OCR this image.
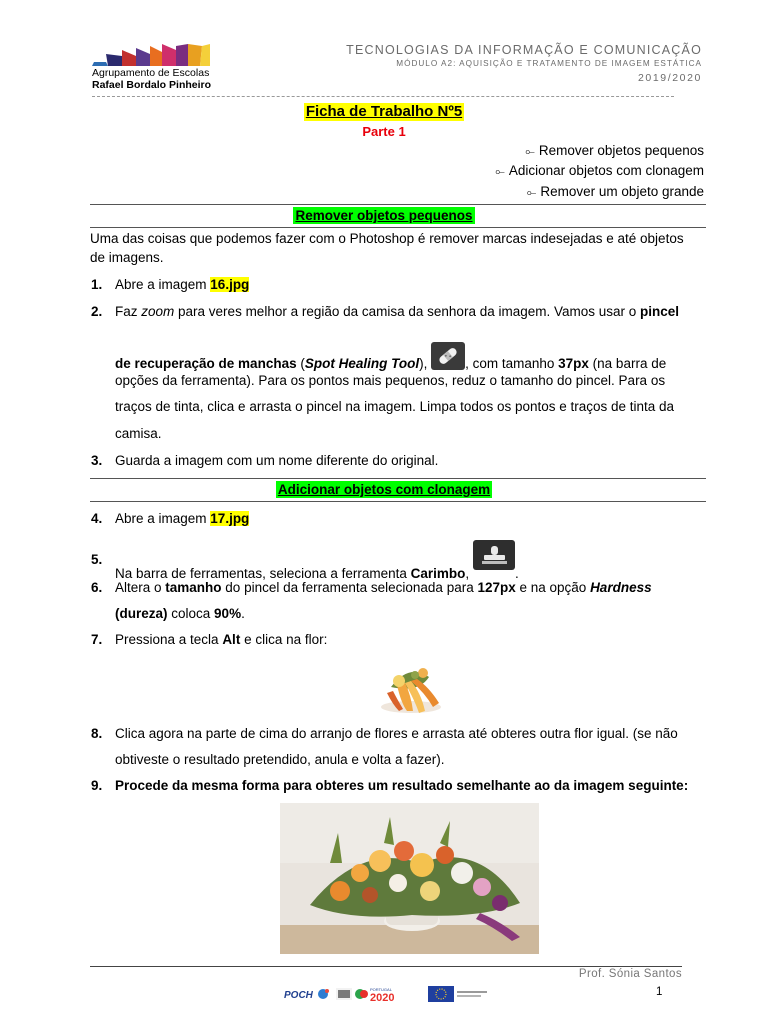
Agrupamento de Escolas
Rafael Bordalo Pinheiro
TECNOLOGIAS DA INFORMAÇÃO E COMUNICAÇÃO
MÓDULO A2: AQUISIÇÃO E TRATAMENTO DE IMAGEM ESTÁTICA
2019/2020
Ficha de Trabalho Nº5
Parte 1
⟜ Remover objetos pequenos
⟜ Adicionar objetos com clonagem
⟜ Remover um objeto grande
Remover objetos pequenos
Uma das coisas que podemos fazer com o Photoshop é remover marcas indesejadas e até objetos
de imagens.
1. Abre a imagem 16.jpg
2. Faz zoom para veres melhor a região da camisa da senhora da imagem. Vamos usar o pincel
de recuperação de manchas (Spot Healing Tool),	, com tamanho 37px (na barra de
opções da ferramenta). Para os pontos mais pequenos, reduz o tamanho do pincel. Para os
traços de tinta, clica e arrasta o pincel na imagem. Limpa todos os pontos e traços de tinta da
camisa.
3. Guarda a imagem com um nome diferente do original.
Adicionar objetos com clonagem
4. Abre a imagem 17.jpg
5.
Na barra de ferramentas, seleciona a ferramenta Carimbo,	.
6. Altera o tamanho do pincel da ferramenta selecionada para 127px e na opção Hardness
(dureza) coloca 90%.
7. Pressiona a tecla Alt e clica na flor:
8. Clica agora na parte de cima do arranjo de flores e arrasta até obteres outra flor igual. (se não
obtiveste o resultado pretendido, anula e volta a fazer).
9. Procede da mesma forma para obteres um resultado semelhante ao da imagem seguinte:
Prof. Sónia Santos
POCH
PORTUGAL
2020	1
